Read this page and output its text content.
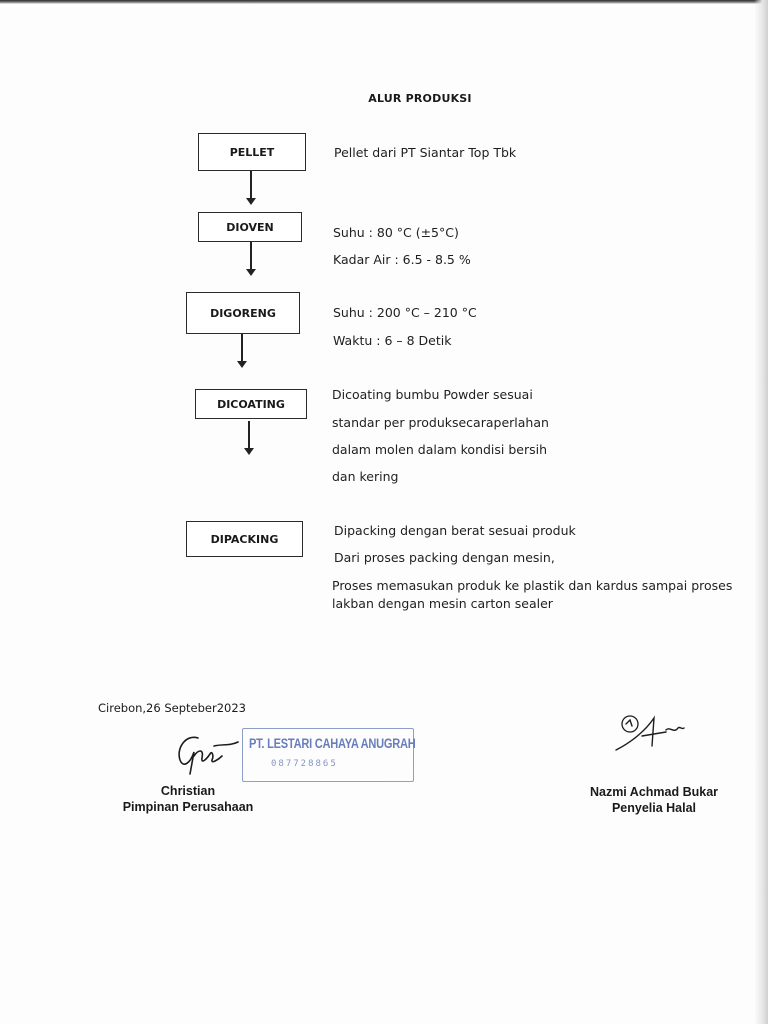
ALUR PRODUKSI
PELLET	Pellet dari PT Siantar Top Tbk
DIOVEN	Suhu : 80 °C (±5°C)
Kadar Air : 6.5 - 8.5 %
DIGORENG	Suhu : 200 °C – 210 °C
Waktu : 6 – 8 Detik
DICOATING
Dicoating bumbu Powder sesuai
standar per produksecaraperlahan
dalam molen dalam kondisi bersih
dan kering
DIPACKING
Dipacking dengan berat sesuai produk
Dari proses packing dengan mesin,
Proses memasukan produk ke plastik dan kardus sampai proses
lakban dengan mesin carton sealer
Cirebon,26 Septeber2023
PT. LESTARI CAHAYA ANUGRAH
087728865
Christian
Pimpinan Perusahaan
Nazmi Achmad Bukar
Penyelia Halal
